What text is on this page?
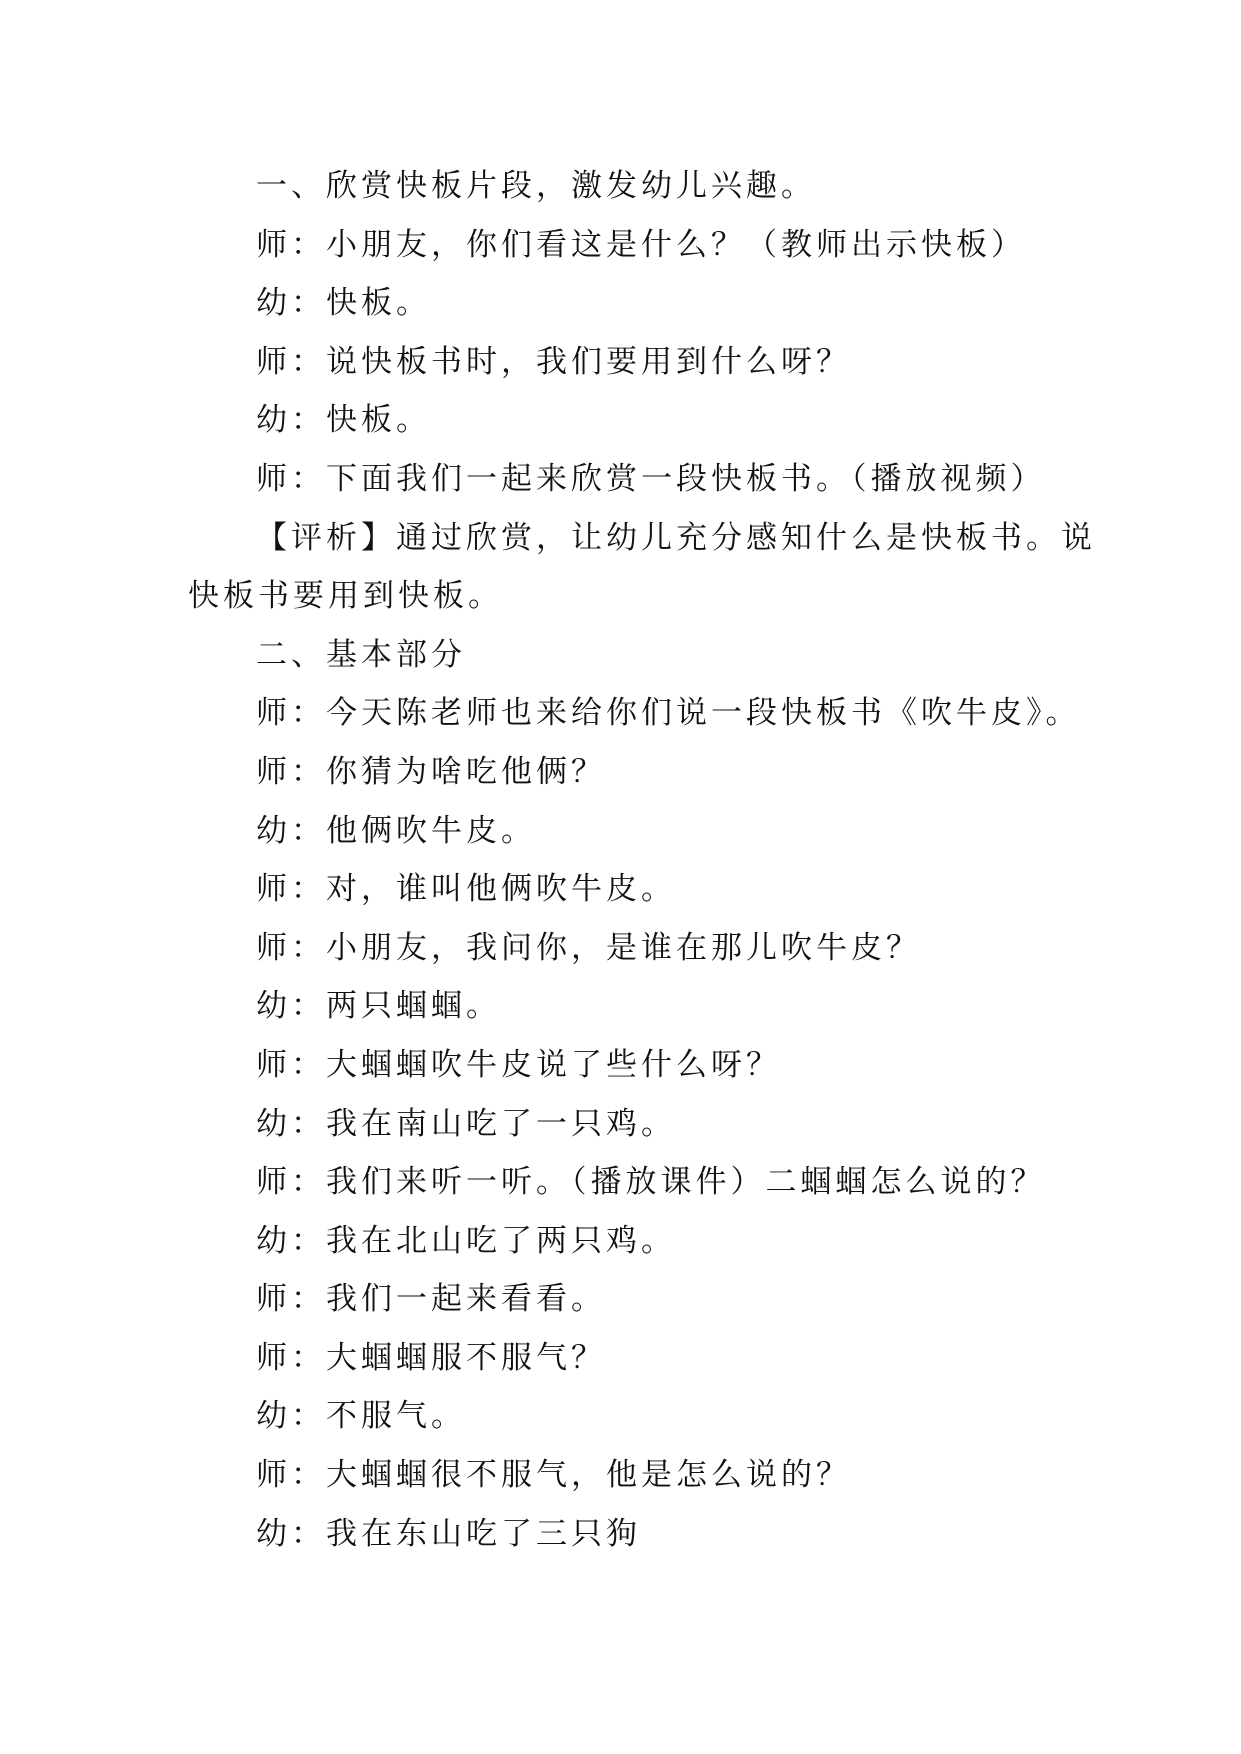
一、欣赏快板片段，激发幼儿兴趣。
师：小朋友，你们看这是什么？（教师出示快板）
幼：快板。
师：说快板书时，我们要用到什么呀？
幼：快板。
师：下面我们一起来欣赏一段快板书。（播放视频）
【评析】通过欣赏，让幼儿充分感知什么是快板书。说
快板书要用到快板。
二、基本部分
师：今天陈老师也来给你们说一段快板书《吹牛皮》。
师：你猜为啥吃他俩？
幼：他俩吹牛皮。
师：对，谁叫他俩吹牛皮。
师：小朋友，我问你，是谁在那儿吹牛皮？
幼：两只蝈蝈。
师：大蝈蝈吹牛皮说了些什么呀？
幼：我在南山吃了一只鸡。
师：我们来听一听。（播放课件）二蝈蝈怎么说的？
幼：我在北山吃了两只鸡。
师：我们一起来看看。
师：大蝈蝈服不服气？
幼：不服气。
师：大蝈蝈很不服气，他是怎么说的？
幼：我在东山吃了三只狗
